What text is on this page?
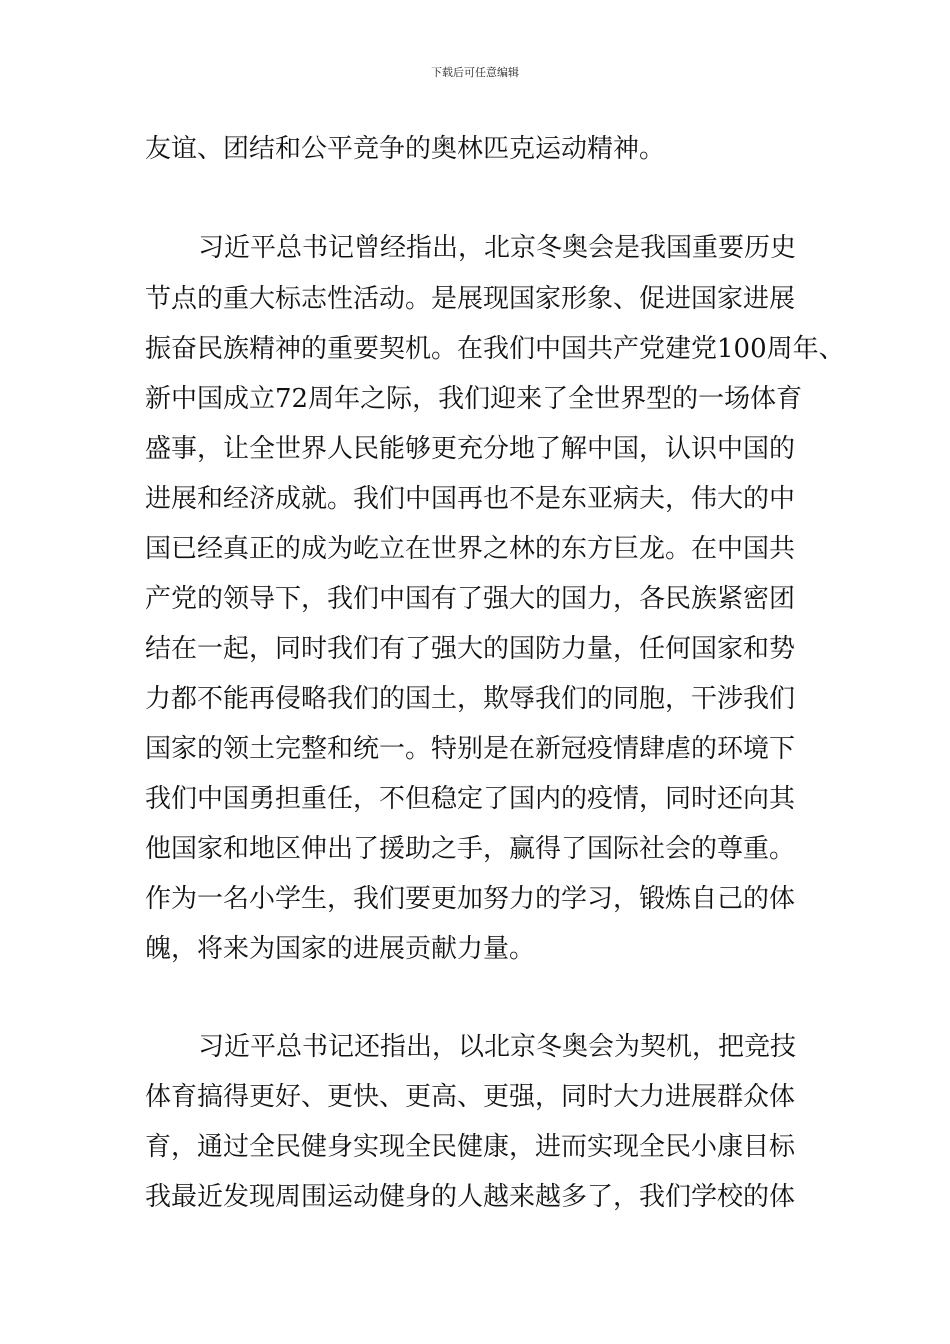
下载后可任意编辑
友谊、团结和公平竞争的奥林匹克运动精神。
习近平总书记曾经指出，北京冬奥会是我国重要历史
节点的重大标志性活动。是展现国家形象、促进国家进展
振奋民族精神的重要契机。在我们中国共产党建党100周年、
新中国成立72周年之际，我们迎来了全世界型的一场体育
盛事，让全世界人民能够更充分地了解中国，认识中国的
进展和经济成就。我们中国再也不是东亚病夫，伟大的中
国已经真正的成为屹立在世界之林的东方巨龙。在中国共
产党的领导下，我们中国有了强大的国力，各民族紧密团
结在一起，同时我们有了强大的国防力量，任何国家和势
力都不能再侵略我们的国土，欺辱我们的同胞，干涉我们
国家的领土完整和统一。特别是在新冠疫情肆虐的环境下
我们中国勇担重任，不但稳定了国内的疫情，同时还向其
他国家和地区伸出了援助之手，赢得了国际社会的尊重。
作为一名小学生，我们要更加努力的学习，锻炼自己的体
魄，将来为国家的进展贡献力量。
习近平总书记还指出，以北京冬奥会为契机，把竞技
体育搞得更好、更快、更高、更强，同时大力进展群众体
育，通过全民健身实现全民健康，进而实现全民小康目标
我最近发现周围运动健身的人越来越多了，我们学校的体
